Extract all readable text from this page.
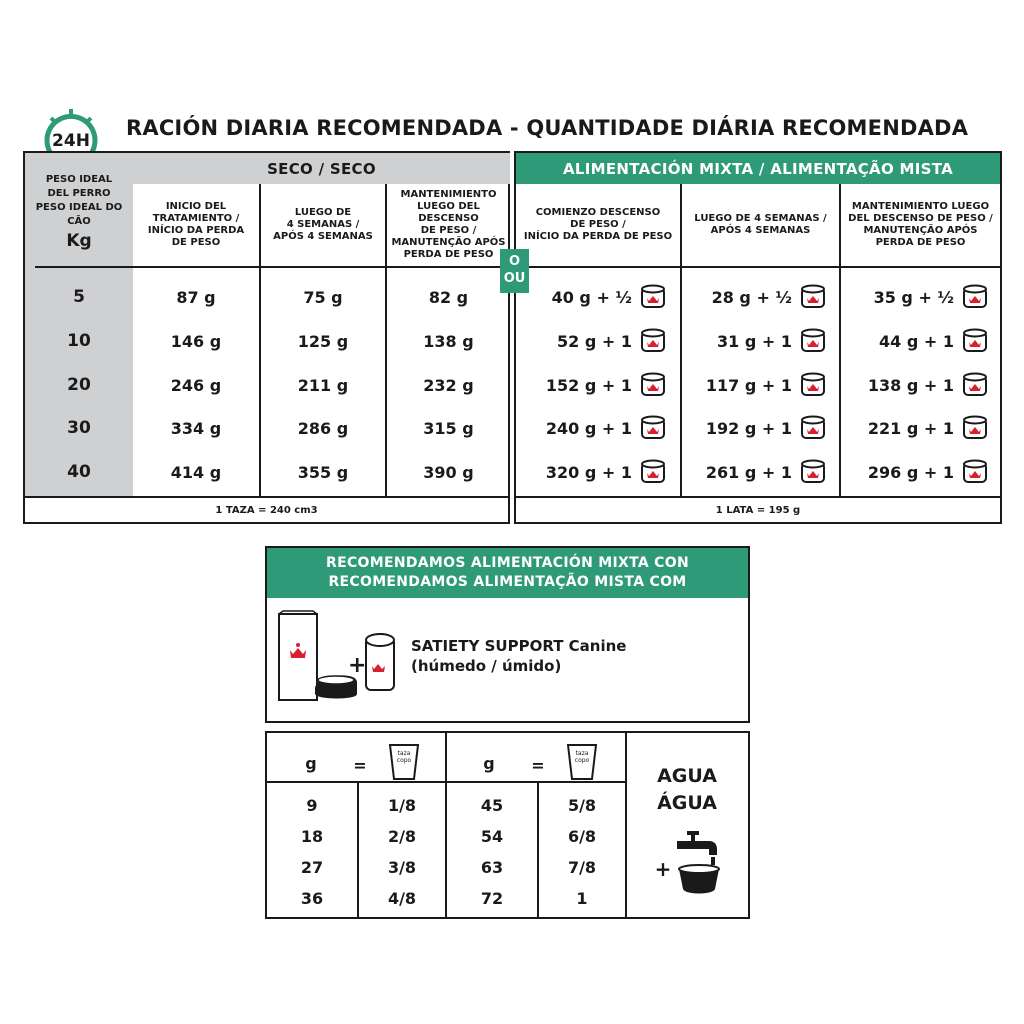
24H
RACIÓN DIARIA RECOMENDADA - QUANTIDADE DIÁRIA RECOMENDADA
PESO IDEAL
DEL PERRO
PESO IDEAL DO CÃO
Kg
SECO / SECO
INICIO DEL
TRATAMIENTO /
INÍCIO DA PERDA
DE PESO
LUEGO DE
4 SEMANAS /
APÓS 4 SEMANAS
MANTENIMIENTO
LUEGO DEL DESCENSO
DE PESO /
MANUTENÇÃO APÓS
PERDA DE PESO
5	87 g	75 g	82 g
10	146 g	125 g	138 g
20	246 g	211 g	232 g
30	334 g	286 g	315 g
40	414 g	355 g	390 g
1 TAZA = 240 cm3
O
OU
ALIMENTACIÓN MIXTA / ALIMENTAÇÃO MISTA
COMIENZO DESCENSO
DE PESO /
INÍCIO DA PERDA DE PESO
LUEGO DE 4 SEMANAS /
APÓS 4 SEMANAS
MANTENIMIENTO LUEGO
DEL DESCENSO DE PESO /
MANUTENÇÃO APÓS
PERDA DE PESO
40 g + ½	28 g + ½	35 g + ½
52 g + 1	31 g + 1	44 g + 1
152 g + 1	117 g + 1	138 g + 1
240 g + 1	192 g + 1	221 g + 1
320 g + 1	261 g + 1	296 g + 1
1 LATA = 195 g
RECOMENDAMOS ALIMENTACIÓN MIXTA CON
RECOMENDAMOS ALIMENTAÇÃO MISTA COM
+
SATIETY SUPPORT Canine
(húmedo / úmido)
g	=
taza
copo	g	=
taza
copo
9	1/8	45	5/8
18	2/8	54	6/8
27	3/8	63	7/8
36	4/8	72	1
AGUA
ÁGUA
+
